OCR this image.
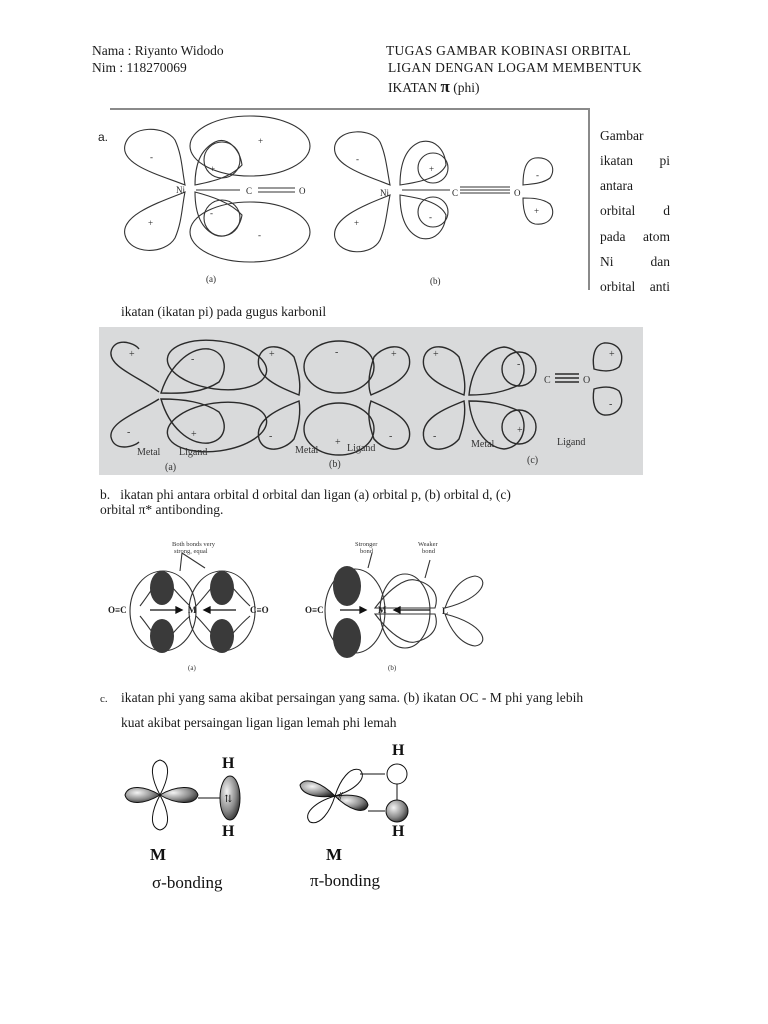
Nama : Riyanto Widodo
Nim : 118270069
TUGAS GAMBAR KOBINASI ORBITAL
LIGAN DENGAN LOGAM MEMBENTUK
IKATAN π (phi)
a.
Ni	C	O	Ni	C	O
-
+
+
-
+
-
-
+
+
-
-
+
(a)	(b)
Gambar
ikatan pi
antara
orbital d
pada atom
Ni	dan
orbital anti
ikatan (ikatan pi) pada gugus karbonil
+
-
-
+
+
-
-
+
+
-
+
-
-
+
+
-
C	O
Metal Ligand
(a)
Metal	Ligand
(b)
Metal	Ligand
(c)
b. ikatan phi antara orbital d orbital dan ligan (a) orbital p, (b) orbital d, (c)
orbital π* antibonding.
O≡C	M	C≡O	O≡C	M	L
Both bonds very
strong, equal
Stronger
bond
Weaker
bond
(a)	(b)
c. ikatan phi yang sama akibat persaingan yang sama. (b) ikatan OC - M phi yang lebih
kuat akibat persaingan ligan ligan lemah phi lemah
⇅	⫽
H
H
H
H
M	M
σ-bonding	π-bonding
